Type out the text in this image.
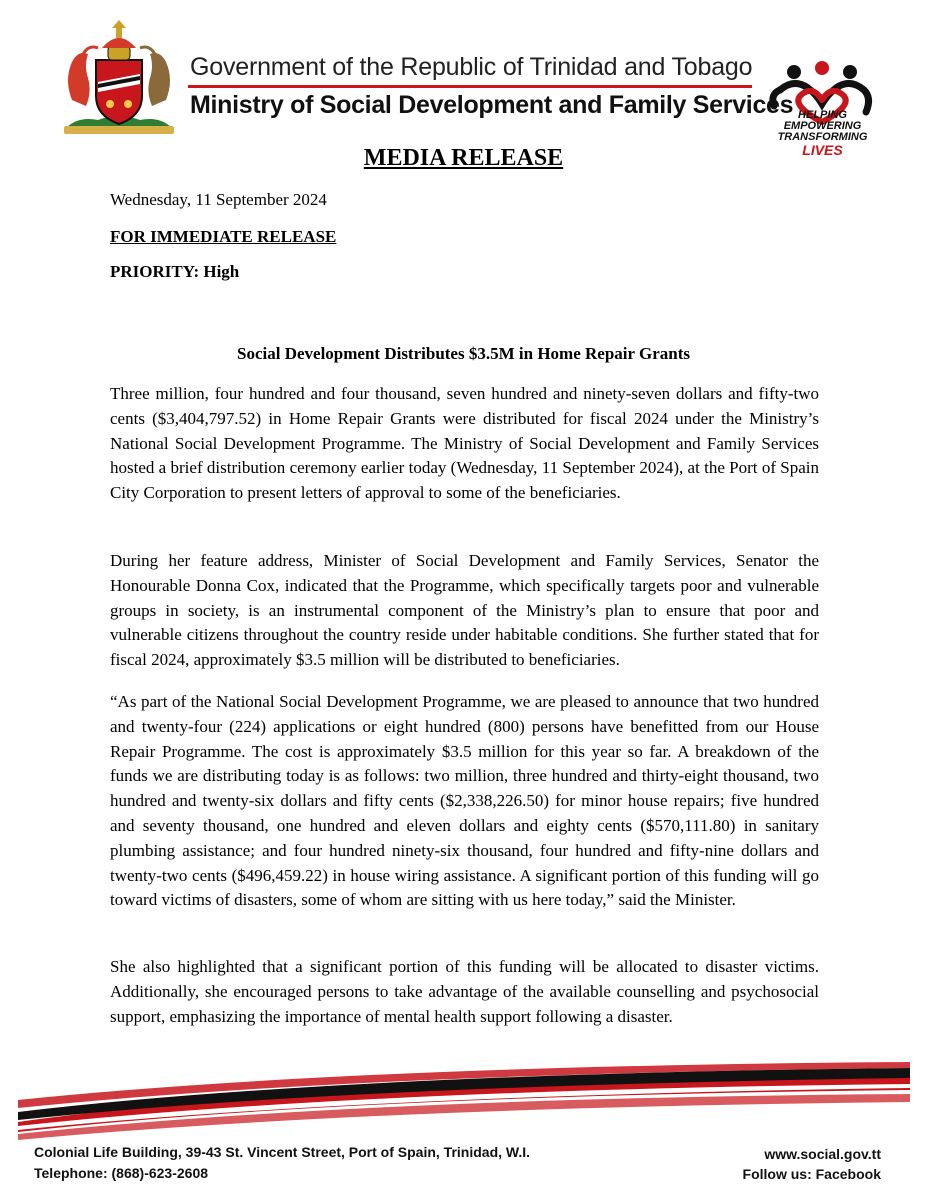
Government of the Republic of Trinidad and Tobago
Ministry of Social Development and Family Services HELPING
EMPOWERING
TRANSFORMING
LIVES
MEDIA RELEASE
Wednesday, 11 September 2024
FOR IMMEDIATE RELEASE
PRIORITY: High
Social Development Distributes $3.5M in Home Repair Grants

Three million, four hundred and four thousand, seven hundred and ninety-seven dollars and fifty-two cents ($3,404,797.52) in Home Repair Grants were distributed for fiscal 2024 under the Ministry’s National Social Development Programme. The Ministry of Social Development and Family Services hosted a brief distribution ceremony earlier today (Wednesday, 11 September 2024), at the Port of Spain City Corporation to present letters of approval to some of the beneficiaries.

During her feature address, Minister of Social Development and Family Services, Senator the Honourable Donna Cox, indicated that the Programme, which specifically targets poor and vulnerable groups in society, is an instrumental component of the Ministry’s plan to ensure that poor and vulnerable citizens throughout the country reside under habitable conditions. She further stated that for fiscal 2024, approximately $3.5 million will be distributed to beneficiaries.

“As part of the National Social Development Programme, we are pleased to announce that two hundred and twenty-four (224) applications or eight hundred (800) persons have benefitted from our House Repair Programme. The cost is approximately $3.5 million for this year so far. A breakdown of the funds we are distributing today is as follows: two million, three hundred and thirty-eight thousand, two hundred and twenty-six dollars and fifty cents ($2,338,226.50) for minor house repairs; five hundred and seventy thousand, one hundred and eleven dollars and eighty cents ($570,111.80) in sanitary plumbing assistance; and four hundred ninety-six thousand, four hundred and fifty-nine dollars and twenty-two cents ($496,459.22) in house wiring assistance. A significant portion of this funding will go toward victims of disasters, some of whom are sitting with us here today,” said the Minister.

She also highlighted that a significant portion of this funding will be allocated to disaster victims. Additionally, she encouraged persons to take advantage of the available counselling and psychosocial support, emphasizing the importance of mental health support following a disaster.

Colonial Life Building, 39-43 St. Vincent Street, Port of Spain, Trinidad, W.I.
Telephone: (868)-623-2608
www.social.gov.tt
Follow us: Facebook
